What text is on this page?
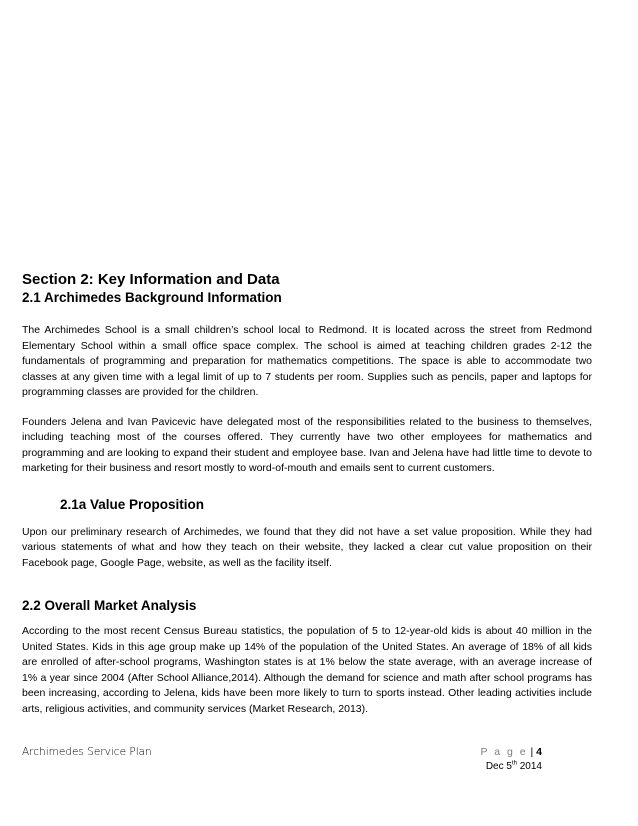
Section 2: Key Information and Data
2.1 Archimedes Background Information

The Archimedes School is a small children’s school local to Redmond. It is located across the street from Redmond Elementary School within a small office space complex. The school is aimed at teaching children grades 2-12 the fundamentals of programming and preparation for mathematics competitions. The space is able to accommodate two classes at any given time with a legal limit of up to 7 students per room. Supplies such as pencils, paper and laptops for programming classes are provided for the children.

Founders Jelena and Ivan Pavicevic have delegated most of the responsibilities related to the business to themselves, including teaching most of the courses offered. They currently have two other employees for mathematics and programming and are looking to expand their student and employee base. Ivan and Jelena have had little time to devote to marketing for their business and resort mostly to word-of-mouth and emails sent to current customers.

2.1a Value Proposition

Upon our preliminary research of Archimedes, we found that they did not have a set value proposition. While they had various statements of what and how they teach on their website, they lacked a clear cut value proposition on their Facebook page, Google Page, website, as well as the facility itself.

2.2 Overall Market Analysis

According to the most recent Census Bureau statistics, the population of 5 to 12-year-old kids is about 40 million in the United States. Kids in this age group make up 14% of the population of the United States. An average of 18% of all kids are enrolled of after-school programs, Washington states is at 1% below the state average, with an average increase of 1% a year since 2004 (After School Alliance,2014). Although the demand for science and math after school programs has been increasing, according to Jelena, kids have been more likely to turn to sports instead. Other leading activities include arts, religious activities, and community services (Market Research, 2013).

Archimedes Service Plan	P a g e | 4
Dec 5th 2014
